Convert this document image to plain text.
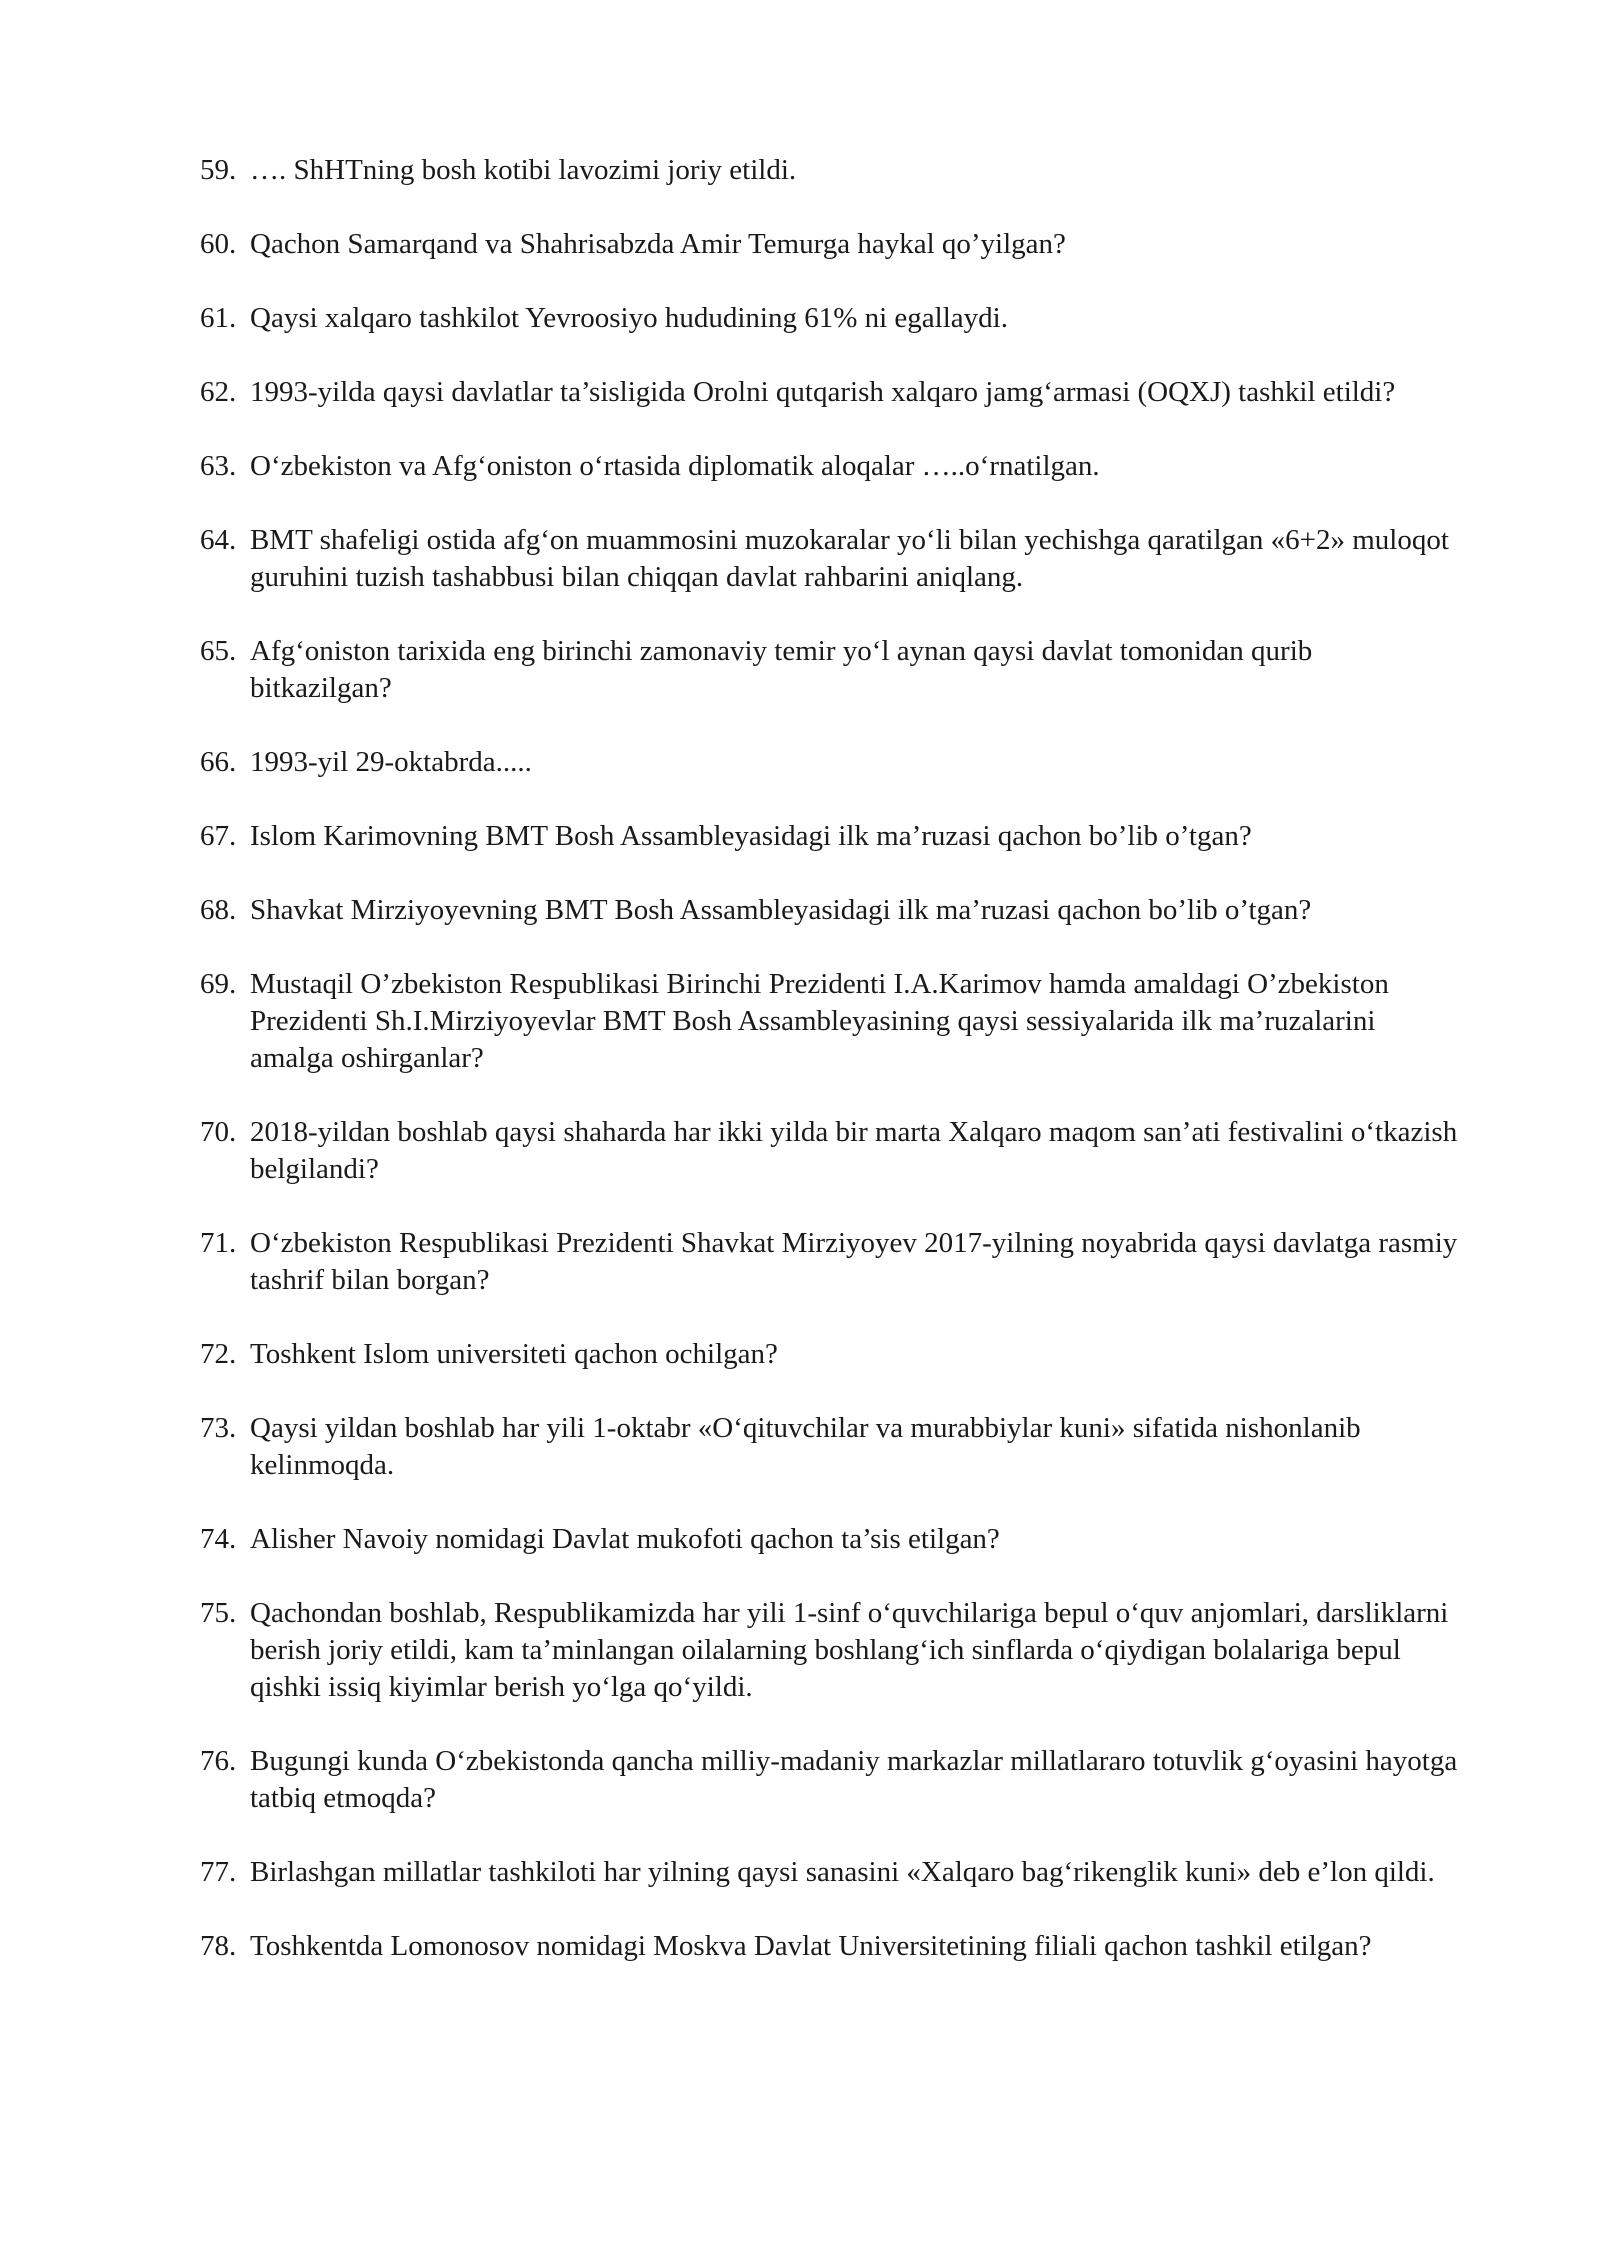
59. …. ShHTning bosh kotibi lavozimi joriy etildi.
60. Qachon Samarqand va Shahrisabzda Amir Temurga haykal qo’yilgan?
61. Qaysi xalqaro tashkilot Yevroosiyo hududining 61% ni egallaydi.
62. 1993-yilda qaysi davlatlar ta’sisligida Orolni qutqarish xalqaro jamg‘armasi (OQXJ) tashkil etildi?
63. O‘zbekiston va Afg‘oniston o‘rtasida diplomatik aloqalar …..o‘rnatilgan.
64. BMT shafeligi ostida afg‘on muammosini muzokaralar yo‘li bilan yechishga qaratilgan «6+2» muloqot guruhini tuzish tashabbusi bilan chiqqan davlat rahbarini aniqlang.
65. Afg‘oniston tarixida eng birinchi zamonaviy temir yo‘l aynan qaysi davlat tomonidan qurib bitkazilgan?
66. 1993-yil 29-oktabrda.....
67. Islom Karimovning BMT Bosh Assambleyasidagi ilk ma’ruzasi qachon bo’lib o’tgan?
68. Shavkat Mirziyoyevning BMT Bosh Assambleyasidagi ilk ma’ruzasi qachon bo’lib o’tgan?
69. Mustaqil O’zbekiston Respublikasi Birinchi Prezidenti I.A.Karimov hamda amaldagi O’zbekiston Prezidenti Sh.I.Mirziyoyevlar BMT Bosh Assambleyasining qaysi sessiyalarida ilk ma’ruzalarini amalga oshirganlar?
70. 2018-yildan boshlab qaysi shaharda har ikki yilda bir marta Xalqaro maqom san’ati festivalini o‘tkazish belgilandi?
71. O‘zbekiston Respublikasi Prezidenti Shavkat Mirziyoyev 2017-yilning noyabrida qaysi davlatga rasmiy tashrif bilan borgan?
72. Toshkent Islom universiteti qachon ochilgan?
73. Qaysi yildan boshlab har yili 1-oktabr «O‘qituvchilar va murabbiylar kuni» sifatida nishonlanib kelinmoqda.
74. Alisher Navoiy nomidagi Davlat mukofoti qachon ta’sis etilgan?
75. Qachondan boshlab, Respublikamizda har yili 1-sinf o‘quvchilariga bepul o‘quv anjomlari, darsliklarni berish joriy etildi, kam ta’minlangan oilalarning boshlang‘ich sinflarda o‘qiydigan bolalariga bepul qishki issiq kiyimlar berish yo‘lga qo‘yildi.
76. Bugungi kunda O‘zbekistonda qancha milliy-madaniy markazlar millatlararo totuvlik g‘oyasini hayotga tatbiq etmoqda?
77. Birlashgan millatlar tashkiloti har yilning qaysi sanasini «Xalqaro bag‘rikenglik kuni» deb e’lon qildi.
78. Toshkentda Lomonosov nomidagi Moskva Davlat Universitetining filiali qachon tashkil etilgan?
